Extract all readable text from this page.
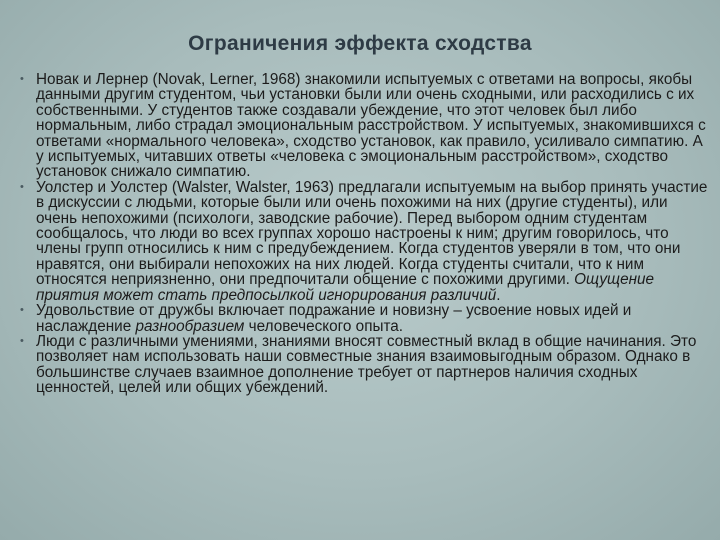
Ограничения эффекта сходства

• Новак и Лернер (Novak, Lerner, 1968) знакомили испытуемых с ответами на вопросы, якобы данными другим студентом, чьи установки были или очень сходными, или расходились с их собственными. У студентов также создавали убеждение, что этот человек был либо нормальным, либо страдал эмоциональным расстройством. У испытуемых, знакомившихся с ответами «нормального человека», сходство установок, как правило, усиливало симпатию. А у испытуемых, читавших ответы «человека с эмоциональным расстройством», сходство установок снижало симпатию.

• Уолстер и Уолстер (Walster, Walster, 1963) предлагали испытуемым на выбор принять участие в дискуссии с людьми, которые были или очень похожими на них (другие студенты), или очень непохожими (психологи, заводские рабочие). Перед выбором одним студентам сообщалось, что люди во всех группах хорошо настроены к ним; другим говорилось, что члены групп относились к ним с предубеждением. Когда студентов уверяли в том, что они нравятся, они выбирали непохожих на них людей. Когда студенты считали, что к ним относятся неприязненно, они предпочитали общение с похожими другими. Ощущение приятия может стать предпосылкой игнорирования различий.

• Удовольствие от дружбы включает подражание и новизну – усвоение новых идей и наслаждение разнообразием человеческого опыта.

• Люди с различными умениями, знаниями вносят совместный вклад в общие начинания. Это позволяет нам использовать наши совместные знания взаимовыгодным образом. Однако в большинстве случаев взаимное дополнение требует от партнеров наличия сходных ценностей, целей или общих убеждений.
